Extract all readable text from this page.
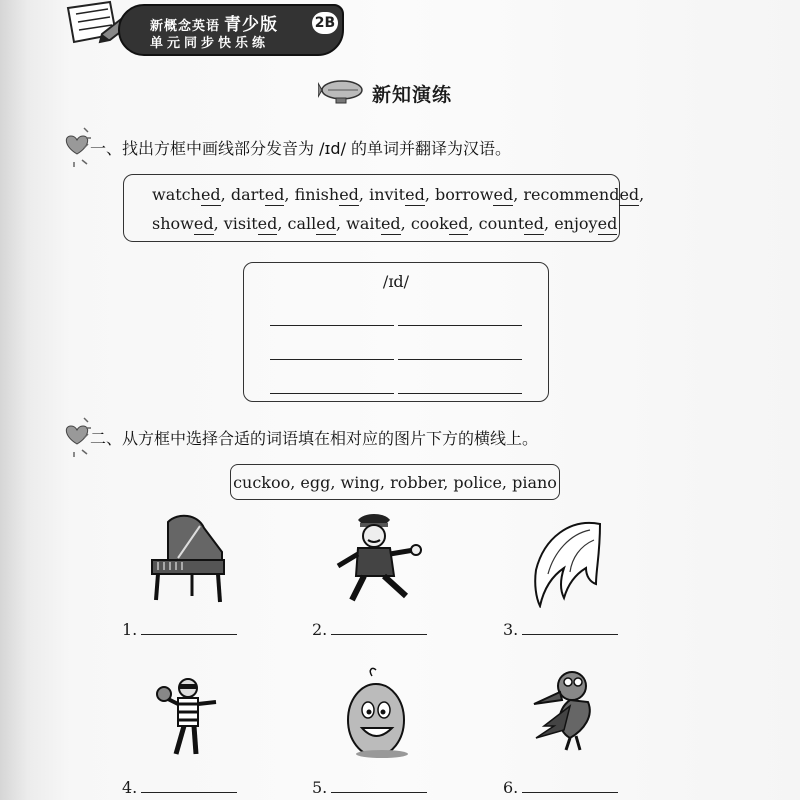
新概念英语 青少版
单元同步快乐练
2B
新知演练
一、找出方框中画线部分发音为 /ɪd/ 的单词并翻译为汉语。
watched, darted, finished, invited, borrowed, recommended,
showed, visited, called, waited, cooked, counted, enjoyed
/ɪd/
二、从方框中选择合适的词语填在相对应的图片下方的横线上。
cuckoo, egg, wing, robber, police, piano
1.	2.	3.
4.	5.	6.
